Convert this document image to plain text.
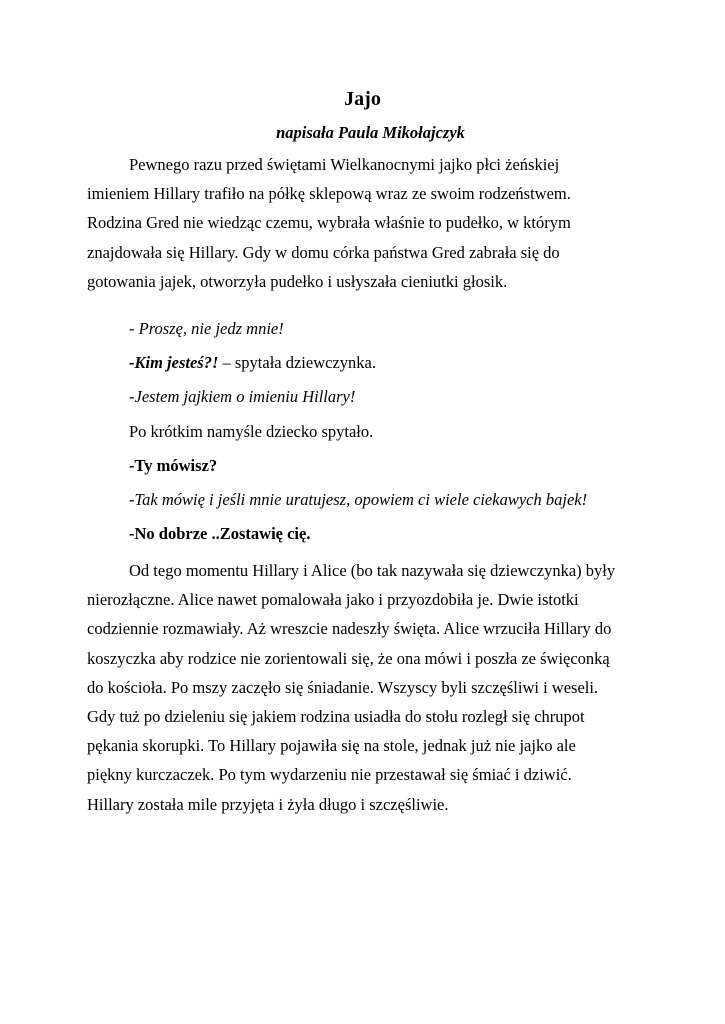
Jajo
napisała Paula Mikołajczyk
Pewnego razu przed świętami Wielkanocnymi jajko płci żeńskiej
imieniem Hillary trafiło na półkę sklepową wraz ze swoim rodzeństwem.
Rodzina Gred nie wiedząc czemu, wybrała właśnie to pudełko, w którym
znajdowała się Hillary. Gdy w domu córka państwa Gred zabrała się do
gotowania jajek, otworzyła pudełko i usłyszała cieniutki głosik.
- Proszę, nie jedz mnie!
-Kim jesteś?! – spytała dziewczynka.
-Jestem jajkiem o imieniu Hillary!
Po krótkim namyśle dziecko spytało.
-Ty mówisz?
-Tak mówię i jeśli mnie uratujesz, opowiem ci wiele ciekawych bajek!
-No dobrze ..Zostawię cię.
Od tego momentu Hillary i Alice (bo tak nazywała się dziewczynka) były
nierozłączne. Alice nawet pomalowała jako i przyozdobiła je. Dwie istotki
codziennie rozmawiały. Aż wreszcie nadeszły święta. Alice wrzuciła Hillary do
koszyczka aby rodzice nie zorientowali się, że ona mówi i poszła ze święconką
do kościoła. Po mszy zaczęło się śniadanie. Wszyscy byli szczęśliwi i weseli.
Gdy tuż po dzieleniu się jakiem rodzina usiadła do stołu rozległ się chrupot
pękania skorupki. To Hillary pojawiła się na stole, jednak już nie jajko ale
piękny kurczaczek. Po tym wydarzeniu nie przestawał się śmiać i dziwić.
Hillary została mile przyjęta i żyła długo i szczęśliwie.
